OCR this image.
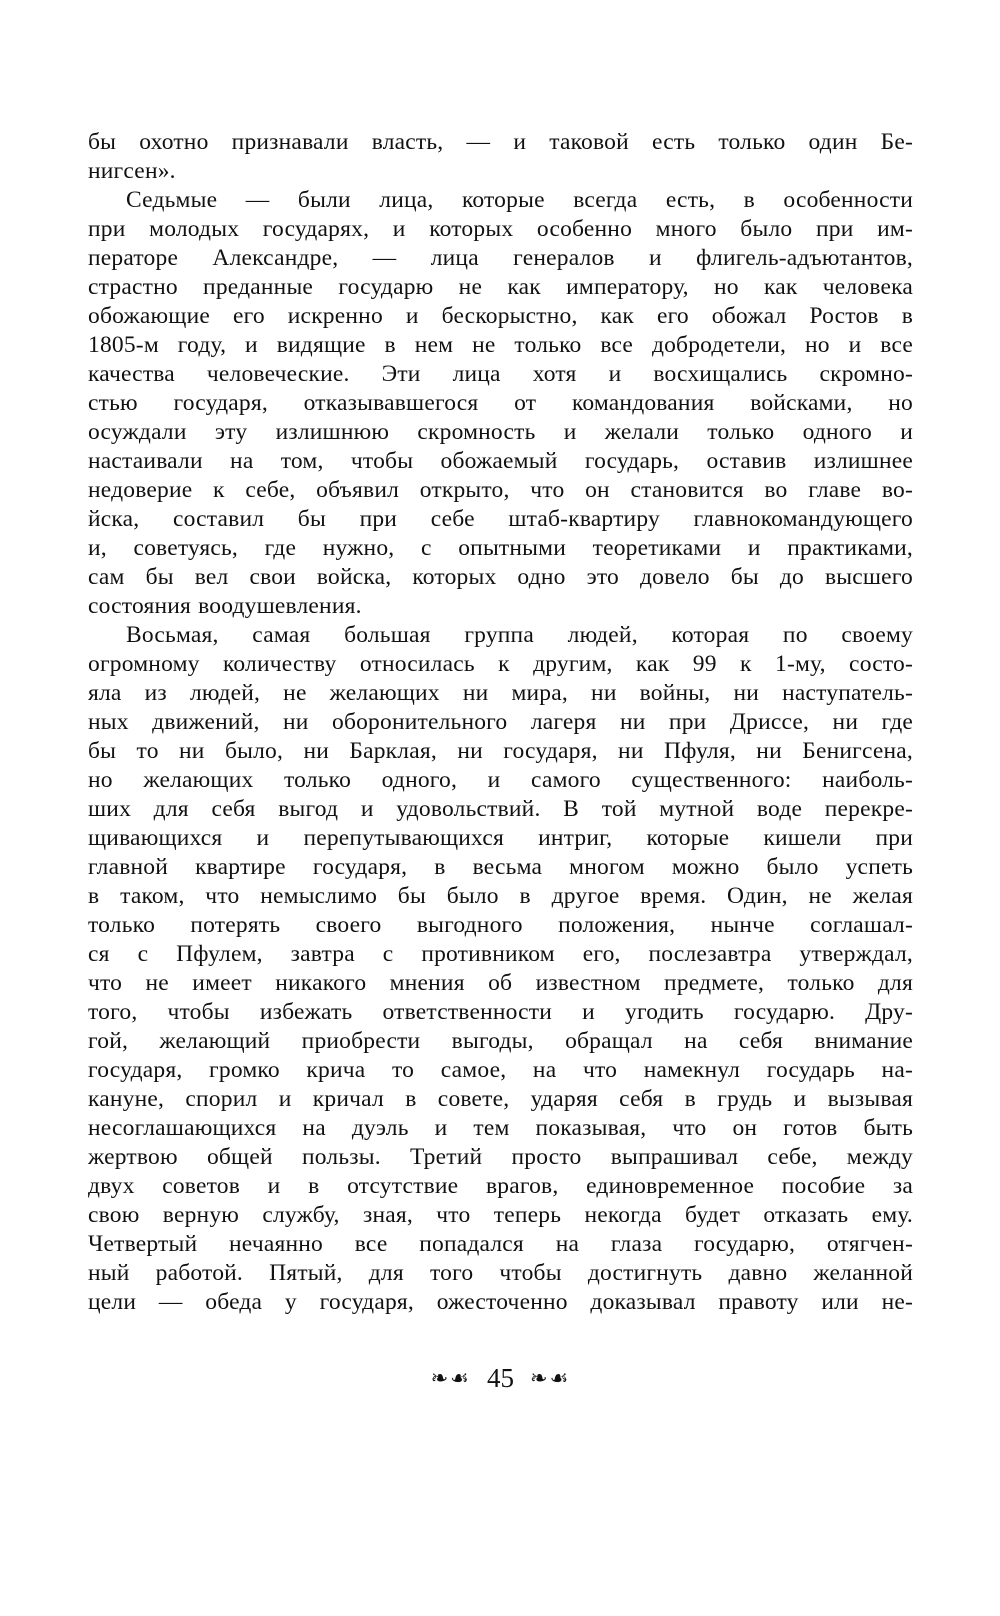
бы охотно признавали власть, — и таковой есть только один Бе-
нигсен».
Седьмые — были лица, которые всегда есть, в особенности
при молодых государях, и которых особенно много было при им-
ператоре Александре, — лица генералов и флигель-адъютантов,
страстно преданные государю не как императору, но как человека
обожающие его искренно и бескорыстно, как его обожал Ростов в
1805-м году, и видящие в нем не только все добродетели, но и все
качества человеческие. Эти лица хотя и восхищались скромно-
стью государя, отказывавшегося от командования войсками, но
осуждали эту излишнюю скромность и желали только одного и
настаивали на том, чтобы обожаемый государь, оставив излишнее
недоверие к себе, объявил открыто, что он становится во главе во-
йска, составил бы при себе штаб-квартиру главнокомандующего
и, советуясь, где нужно, с опытными теоретиками и практиками,
сам бы вел свои войска, которых одно это довело бы до высшего
состояния воодушевления.
Восьмая, самая большая группа людей, которая по своему
огромному количеству относилась к другим, как 99 к 1-му, состо-
яла из людей, не желающих ни мира, ни войны, ни наступатель-
ных движений, ни оборонительного лагеря ни при Дриссе, ни где
бы то ни было, ни Барклая, ни государя, ни Пфуля, ни Бенигсена,
но желающих только одного, и самого существенного: наиболь-
ших для себя выгод и удовольствий. В той мутной воде перекре-
щивающихся и перепутывающихся интриг, которые кишели при
главной квартире государя, в весьма многом можно было успеть
в таком, что немыслимо бы было в другое время. Один, не желая
только потерять своего выгодного положения, нынче соглашал-
ся с Пфулем, завтра с противником его, послезавтра утверждал,
что не имеет никакого мнения об известном предмете, только для
того, чтобы избежать ответственности и угодить государю. Дру-
гой, желающий приобрести выгоды, обращал на себя внимание
государя, громко крича то самое, на что намекнул государь на-
кануне, спорил и кричал в совете, ударяя себя в грудь и вызывая
несоглашающихся на дуэль и тем показывая, что он готов быть
жертвою общей пользы. Третий просто выпрашивал себе, между
двух советов и в отсутствие врагов, единовременное пособие за
свою верную службу, зная, что теперь некогда будет отказать ему.
Четвертый нечаянно все попадался на глаза государю, отягчен-
ный работой. Пятый, для того чтобы достигнуть давно желанной
цели — обеда у государя, ожесточенно доказывал правоту или не-
❧☙ 45 ❧☙
